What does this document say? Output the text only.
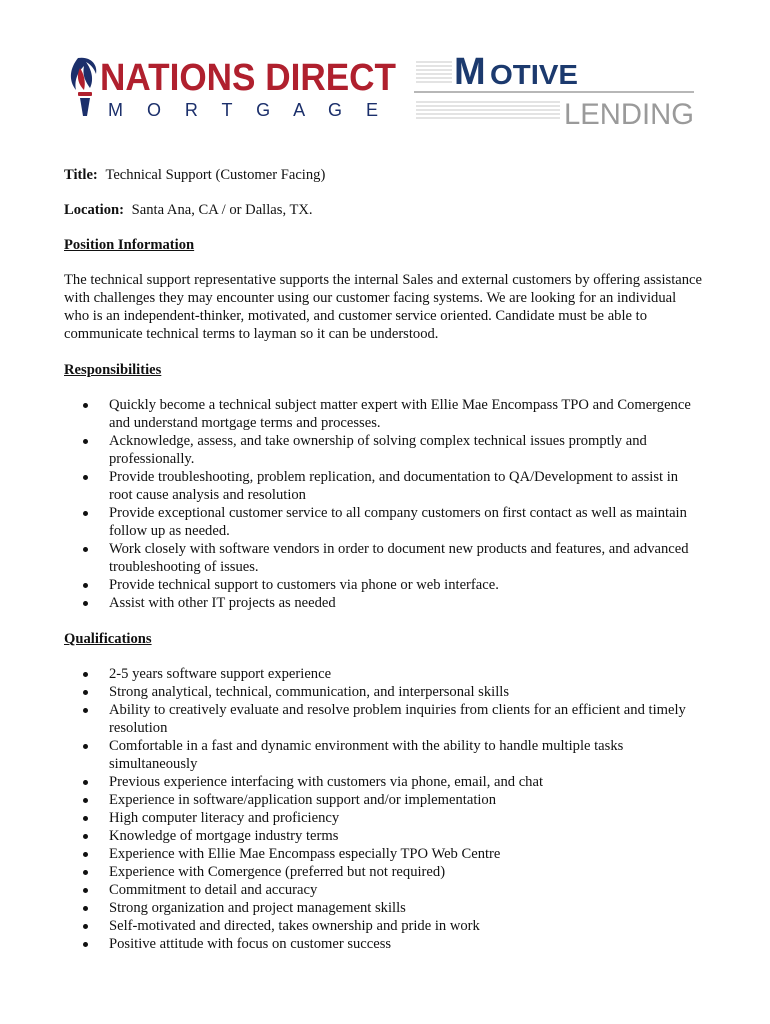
NATIONS DIRECT
M O R T G A G E
M OTIVE
LENDING

Title: Technical Support (Customer Facing)

Location: Santa Ana, CA / or Dallas, TX.

Position Information

The technical support representative supports the internal Sales and external customers by offering assistance with challenges they may encounter using our customer facing systems. We are looking for an individual who is an independent-thinker, motivated, and customer service oriented. Candidate must be able to communicate technical terms to layman so it can be understood.

Responsibilities

Quickly become a technical subject matter expert with Ellie Mae Encompass TPO and Comergence and understand mortgage terms and processes.
Acknowledge, assess, and take ownership of solving complex technical issues promptly and professionally.
Provide troubleshooting, problem replication, and documentation to QA/Development to assist in root cause analysis and resolution
Provide exceptional customer service to all company customers on first contact as well as maintain follow up as needed.
Work closely with software vendors in order to document new products and features, and advanced troubleshooting of issues.
Provide technical support to customers via phone or web interface.
Assist with other IT projects as needed

Qualifications

2-5 years software support experience
Strong analytical, technical, communication, and interpersonal skills
Ability to creatively evaluate and resolve problem inquiries from clients for an efficient and timely resolution
Comfortable in a fast and dynamic environment with the ability to handle multiple tasks simultaneously
Previous experience interfacing with customers via phone, email, and chat
Experience in software/application support and/or implementation
High computer literacy and proficiency
Knowledge of mortgage industry terms
Experience with Ellie Mae Encompass especially TPO Web Centre
Experience with Comergence (preferred but not required)
Commitment to detail and accuracy
Strong organization and project management skills
Self-motivated and directed, takes ownership and pride in work
Positive attitude with focus on customer success
